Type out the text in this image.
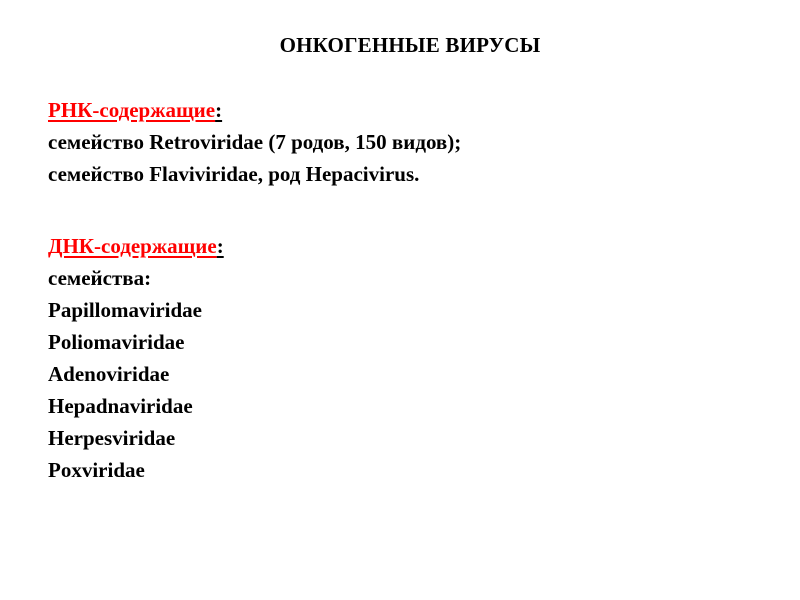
ОНКОГЕННЫЕ ВИРУСЫ
РНК-содержащие:
семейство Retroviridae (7 родов, 150 видов);
семейство Flaviviridae, род Hepacivirus.
ДНК-содержащие:
семейства:
Papillomaviridae
Poliomaviridae
Adenoviridae
Hepadnaviridae
Herpesviridae
Poxviridae
